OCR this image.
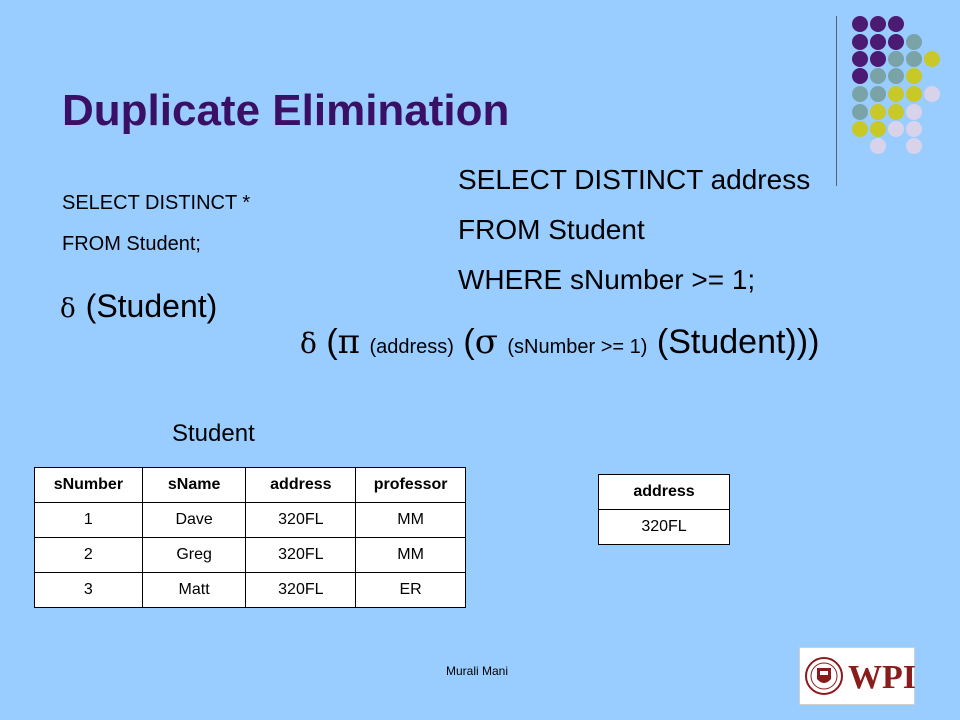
Duplicate Elimination
SELECT DISTINCT *
FROM Student;
δ (Student)
SELECT DISTINCT address
FROM Student
WHERE sNumber >= 1;
δ (π (address) (σ (sNumber >= 1) (Student)))
Student
sNumber	sName	address	professor
1	Dave	320FL	MM
2	Greg	320FL	MM
3	Matt	320FL	ER
address
320FL
Murali Mani	WPI
